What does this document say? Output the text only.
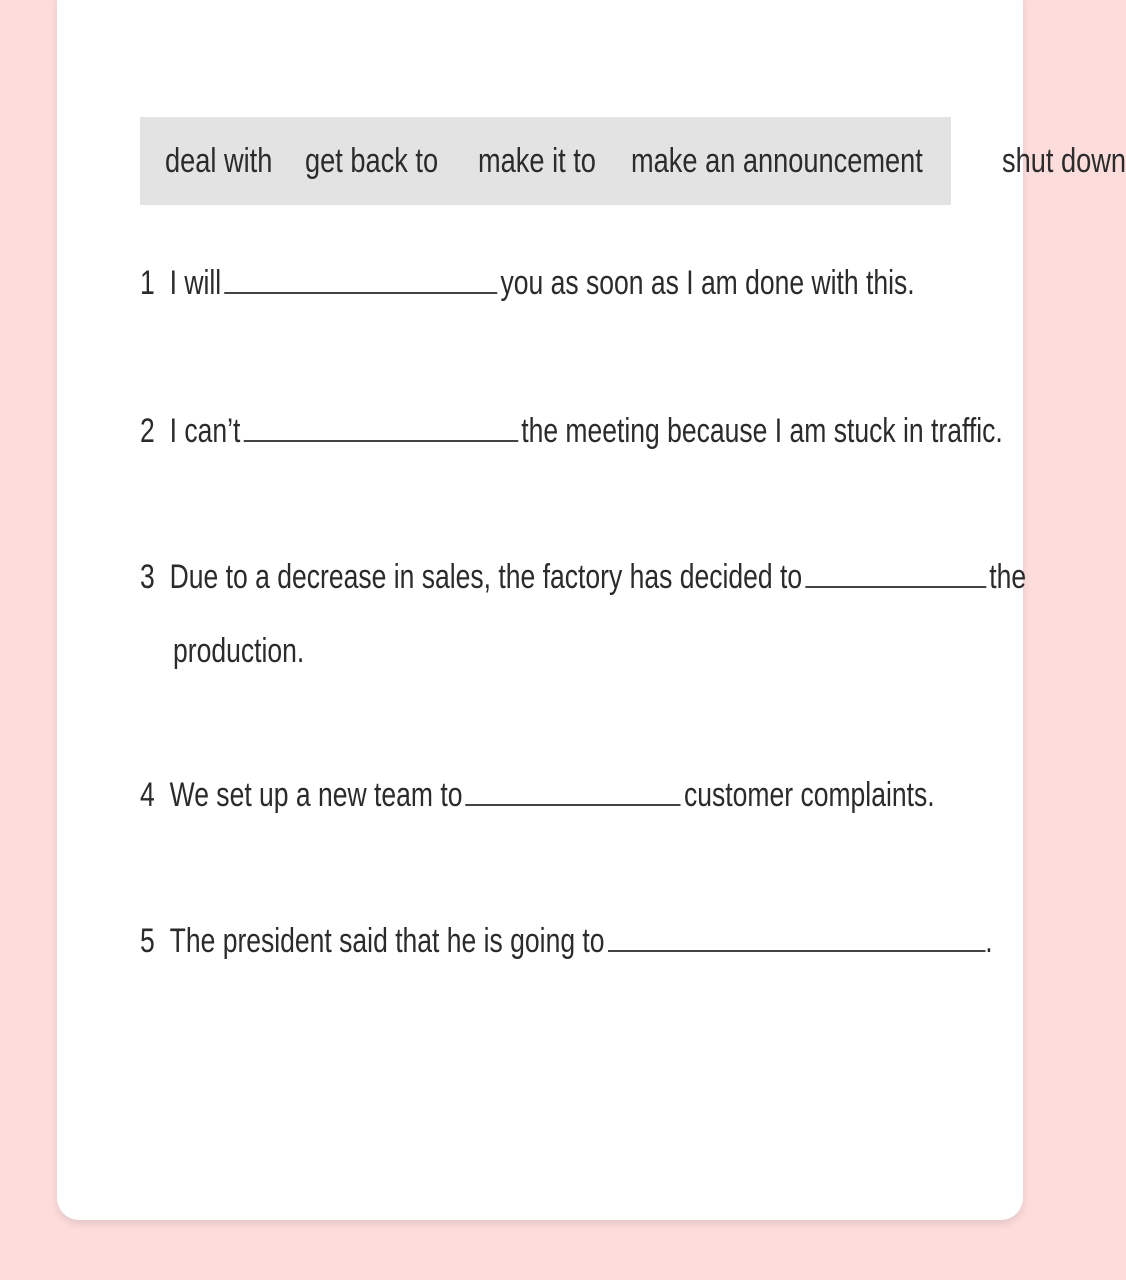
deal with get back to make it to make an announcement shut down
1 I will	you as soon as I am done with this.
2 I can’t	the meeting because I am stuck in traffic.
3 Due to a decrease in sales, the factory has decided to	the
production.
4 We set up a new team to	customer complaints.
5 The president said that he is going to	.
